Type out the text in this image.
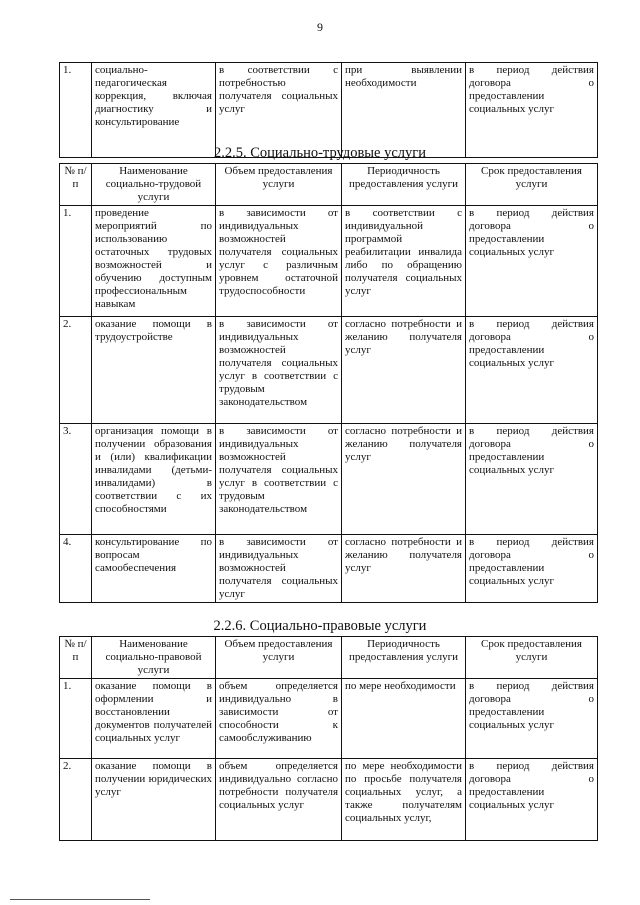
9
1.	социально-педагогическая коррекция, включая диагностику и консультирование	в соответствии с потребностью получателя социальных услуг	при выявлении необходимости	в период действия договора о предоставлении социальных услуг
2.2.5. Социально-трудовые услуги
№ п/п	Наименование социально-трудовой услуги	Объем предоставления услуги	Периодичность предоставления услуги	Срок предоставления услуги
1.	проведение мероприятий по использованию остаточных трудовых возможностей и обучению доступным профессиональным навыкам	в зависимости от индивидуальных возможностей получателя социальных услуг с различным уровнем остаточной трудоспособности	в соответствии с индивидуальной программой реабилитации инвалида либо по обращению получателя социальных услуг	в период действия договора о предоставлении социальных услуг
2.	оказание помощи в трудоустройстве	в зависимости от индивидуальных возможностей получателя социальных услуг в соответствии с трудовым законодательством	согласно потребности и желанию получателя услуг	в период действия договора о предоставлении социальных услуг
3.	организация помощи в получении образования и (или) квалификации инвалидами (детьми-инвалидами) в соответствии с их способностями	в зависимости от индивидуальных возможностей получателя социальных услуг в соответствии с трудовым законодательством	согласно потребности и желанию получателя услуг	в период действия договора о предоставлении социальных услуг
4.	консультирование по вопросам самообеспечения	в зависимости от индивидуальных возможностей получателя социальных услуг	согласно потребности и желанию получателя услуг	в период действия договора о предоставлении социальных услуг
2.2.6. Социально-правовые услуги
№ п/п	Наименование социально-правовой услуги	Объем предоставления услуги	Периодичность предоставления услуги	Срок предоставления услуги
1.	оказание помощи в оформлении и восстановлении документов получателей социальных услуг	объем определяется индивидуально в зависимости от способности к самообслуживанию	по мере необходимости	в период действия договора о предоставлении социальных услуг
2.	оказание помощи в получении юридических услуг	объем определяется индивидуально согласно потребности получателя социальных услуг	по мере необходимости по просьбе получателя социальных услуг, а также получателям социальных услуг,	в период действия договора о предоставлении социальных услуг
